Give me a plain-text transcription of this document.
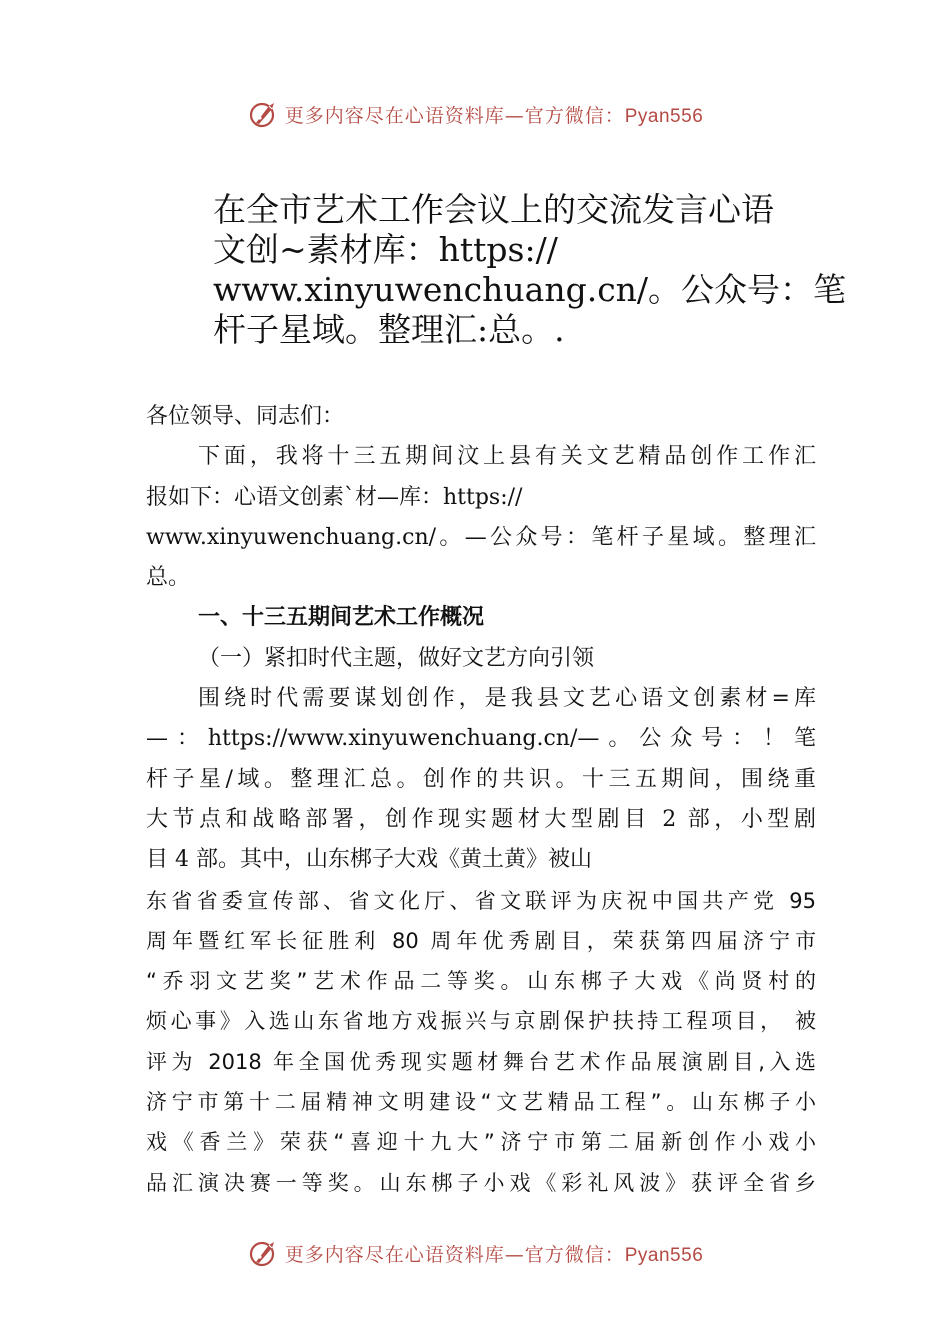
更多内容尽在心语资料库—官方微信：Pyan556
在全市艺术工作会议上的交流发言心语
文创~素材库：https://
www.xinyuwenchuang.cn/。公众号：笔
杆子星域。整理汇:总。.
各位领导、同志们：
下面，我将十三五期间汶上县有关文艺精品创作工作汇
报如下：心语文创素`材—库：https://
www.xinyuwenchuang.cn/。—公众号：笔杆子星域。整理汇
总。
一、十三五期间艺术工作概况
（一）紧扣时代主题，做好文艺方向引领
围绕时代需要谋划创作，是我县文艺心语文创素材=库
—：https://www.xinyuwenchuang.cn/—。公众号：！笔
杆子星/域。整理汇总。创作的共识。十三五期间，围绕重
大节点和战略部署，创作现实题材大型剧目 2 部，小型剧
目 4 部。其中，山东梆子大戏《黄土黄》被山
东省省委宣传部、省文化厅、省文联评为庆祝中国共产党 95
周年暨红军长征胜利 80 周年优秀剧目，荣获第四届济宁市
“乔羽文艺奖”艺术作品二等奖。山东梆子大戏《尚贤村的
烦心事》入选山东省地方戏振兴与京剧保护扶持工程项目， 被
评为 2018 年全国优秀现实题材舞台艺术作品展演剧目,入选
济宁市第十二届精神文明建设“文艺精品工程”。山东梆子小
戏《香兰》荣获“喜迎十九大”济宁市第二届新创作小戏小
品汇演决赛一等奖。山东梆子小戏《彩礼风波》获评全省乡
更多内容尽在心语资料库—官方微信：Pyan556
